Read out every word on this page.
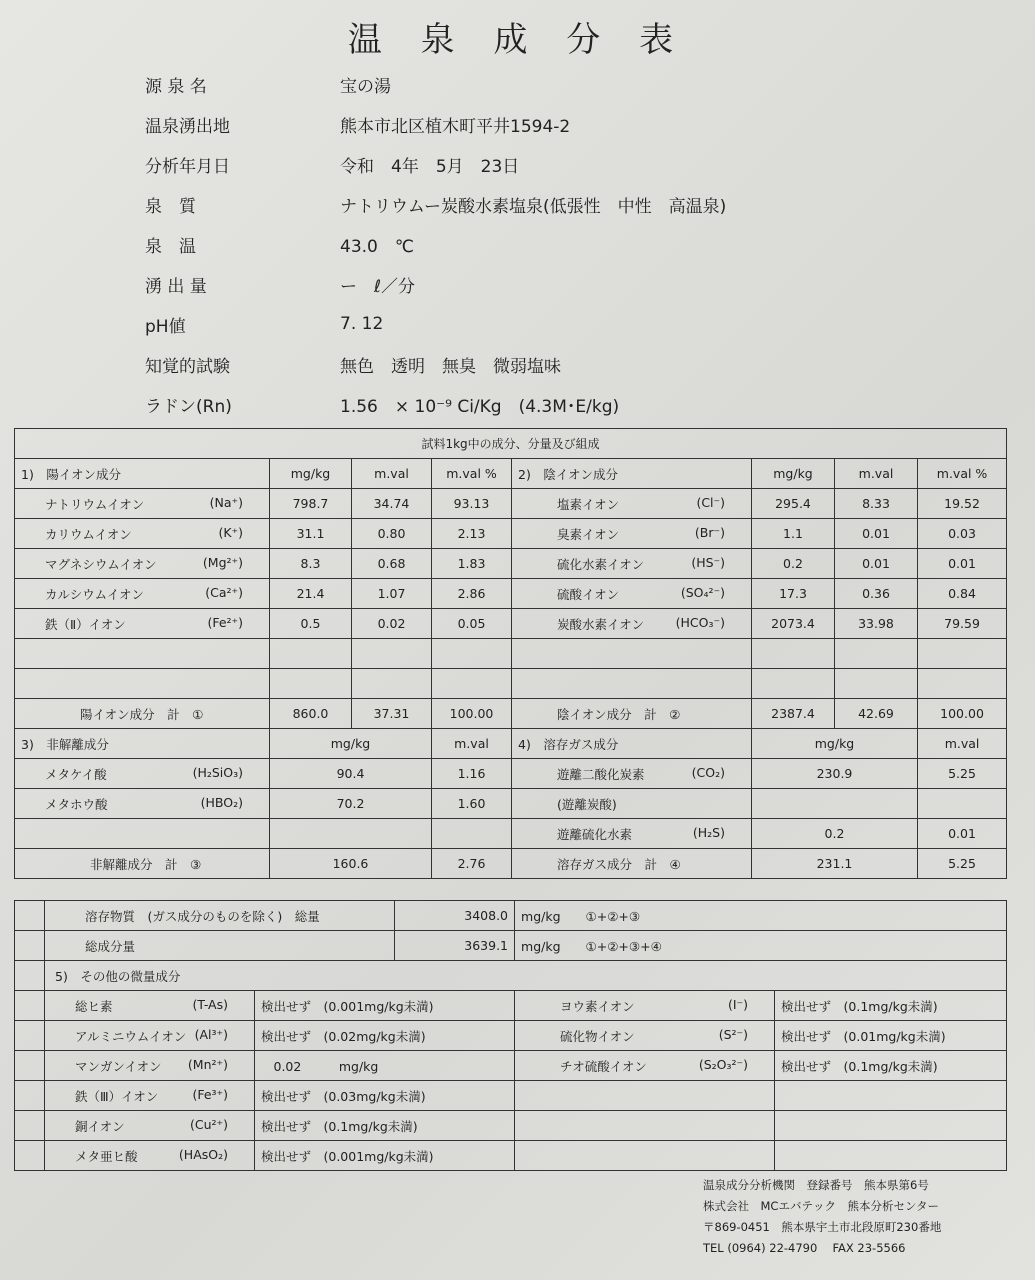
温 泉 成 分 表
源 泉 名	宝の湯
温泉湧出地	熊本市北区植木町平井1594-2
分析年月日	令和　4年　5月　23日
泉　質	ナトリウムー炭酸水素塩泉(低張性　中性　高温泉)
泉　温	43.0　℃
湧 出 量	ー　ℓ／分
pH値	7. 12
知覚的試験	無色　透明　無臭　微弱塩味
ラドン(Rn)	1.56　× 10⁻⁹ Ci/Kg　(4.3M･E/kg)
試料1kg中の成分、分量及び組成							
1)　陽イオン成分	mg/kg	m.val	m.val %	2)　陰イオン成分	mg/kg	m.val	m.val %
ナトリウムイオン (Na⁺)	798.7	34.74	93.13	塩素イオン (Cl⁻)	295.4	8.33	19.52
カリウムイオン (K⁺)	31.1	0.80	2.13	臭素イオン (Br⁻)	1.1	0.01	0.03
マグネシウムイオン (Mg²⁺)	8.3	0.68	1.83	硫化水素イオン (HS⁻)	0.2	0.01	0.01
カルシウムイオン (Ca²⁺)	21.4	1.07	2.86	硫酸イオン (SO₄²⁻)	17.3	0.36	0.84
鉄（Ⅱ）イオン (Fe²⁺)	0.5	0.02	0.05	炭酸水素イオン (HCO₃⁻)	2073.4	33.98	79.59

陽イオン成分　計　①	860.0	37.31	100.00	陰イオン成分　計　②	2387.4	42.69	100.00
3)　非解離成分	mg/kg		m.val	4)　溶存ガス成分	mg/kg		m.val
メタケイ酸 (H₂SiO₃)	90.4		1.16	遊離二酸化炭素 (CO₂)	230.9		5.25
メタホウ酸 (HBO₂)	70.2		1.60	(遊離炭酸)			
				遊離硫化水素 (H₂S)	0.2		0.01
非解離成分　計　③	160.6		2.76	溶存ガス成分　計　④	231.1		5.25
	溶存物質　(ガス成分のものを除く)　総量		3408.0	mg/kg　　 ①+②+③	
	総成分量		3639.1	mg/kg　　 ①+②+③+④	
	5)　その他の微量成分				
	総ヒ素 (T-As)	検出せず　(0.001mg/kg未満)		ヨウ素イオン (I⁻)	検出せず　(0.1mg/kg未満)
	アルミニウムイオン (Al³⁺)	検出せず　(0.02mg/kg未満)		硫化物イオン (S²⁻)	検出せず　(0.01mg/kg未満)
	マンガンイオン (Mn²⁺)	　0.02　　　mg/kg		チオ硫酸イオン (S₂O₃²⁻)	検出せず　(0.1mg/kg未満)
	鉄（Ⅲ）イオン (Fe³⁺)	検出せず　(0.03mg/kg未満)			
	銅イオン (Cu²⁺)	検出せず　(0.1mg/kg未満)			
	メタ亜ヒ酸 (HAsO₂)	検出せず　(0.001mg/kg未満)			
温泉成分分析機関　登録番号　熊本県第6号
株式会社　MCエバテック　熊本分析センター
〒869-0451　熊本県宇土市北段原町230番地
TEL (0964) 22-4790　 FAX 23-5566
